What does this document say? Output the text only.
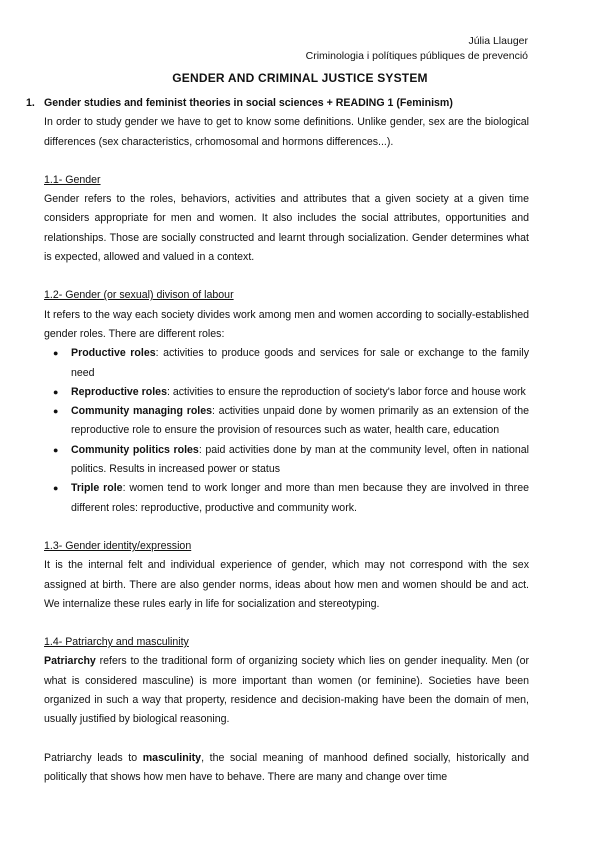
Júlia Llauger
Criminologia i polítiques públiques de prevenció
GENDER AND CRIMINAL JUSTICE SYSTEM
1. Gender studies and feminist theories in social sciences + READING 1 (Feminism)
In order to study gender we have to get to know some definitions. Unlike gender, sex are the biological differences (sex characteristics, crhomosomal and hormons differences...).
1.1- Gender
Gender refers to the roles, behaviors, activities and attributes that a given society at a given time considers appropriate for men and women. It also includes the social attributes, opportunities and relationships. Those are socially constructed and learnt through socialization. Gender determines what is expected, allowed and valued in a context.
1.2- Gender (or sexual) divison of labour
It refers to the way each society divides work among men and women according to socially-established gender roles. There are different roles:
● Productive roles: activities to produce goods and services for sale or exchange to the family need
● Reproductive roles: activities to ensure the reproduction of society's labor force and house work
● Community managing roles: activities unpaid done by women primarily as an extension of the reproductive role to ensure the provision of resources such as water, health care, education
● Community politics roles: paid activities done by man at the community level, often in national politics. Results in increased power or status
● Triple role: women tend to work longer and more than men because they are involved in three different roles: reproductive, productive and community work.
1.3- Gender identity/expression
It is the internal felt and individual experience of gender, which may not correspond with the sex assigned at birth. There are also gender norms, ideas about how men and women should be and act. We internalize these rules early in life for socialization and stereotyping.
1.4- Patriarchy and masculinity
Patriarchy refers to the traditional form of organizing society which lies on gender inequality. Men (or what is considered masculine) is more important than women (or feminine). Societies have been organized in such a way that property, residence and decision-making have been the domain of men, usually justified by biological reasoning.
Patriarchy leads to masculinity, the social meaning of manhood defined socially, historically and politically that shows how men have to behave. There are many and change over time
